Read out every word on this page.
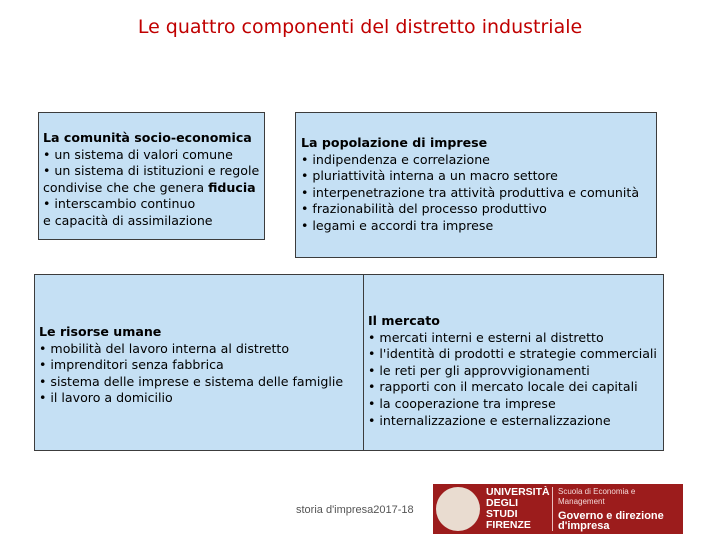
Le quattro componenti del distretto industriale
La comunità socio-economica
• un sistema di valori comune
• un sistema di istituzioni e regole
condivise che che genera fiducia
• interscambio continuo
e capacità di assimilazione
La popolazione di imprese
• indipendenza e correlazione
• pluriattività interna a un macro settore
• interpenetrazione tra attività produttiva e comunità
• frazionabilità del processo produttivo
• legami e accordi tra imprese
Le risorse umane
• mobilità del lavoro interna al distretto
• imprenditori senza fabbrica
• sistema delle imprese e sistema delle famiglie
• il lavoro a domicilio
Il mercato
• mercati interni e esterni al distretto
• l'identità di prodotti e strategie commerciali
• le reti per gli approvvigionamenti
• rapporti con il mercato locale dei capitali
• la cooperazione tra imprese
• internalizzazione e esternalizzazione
storia d'impresa2017-18
UNIVERSITÀ DEGLI STUDI FIRENZE
Scuola di Economia e Management
Governo e direzione d'impresa
